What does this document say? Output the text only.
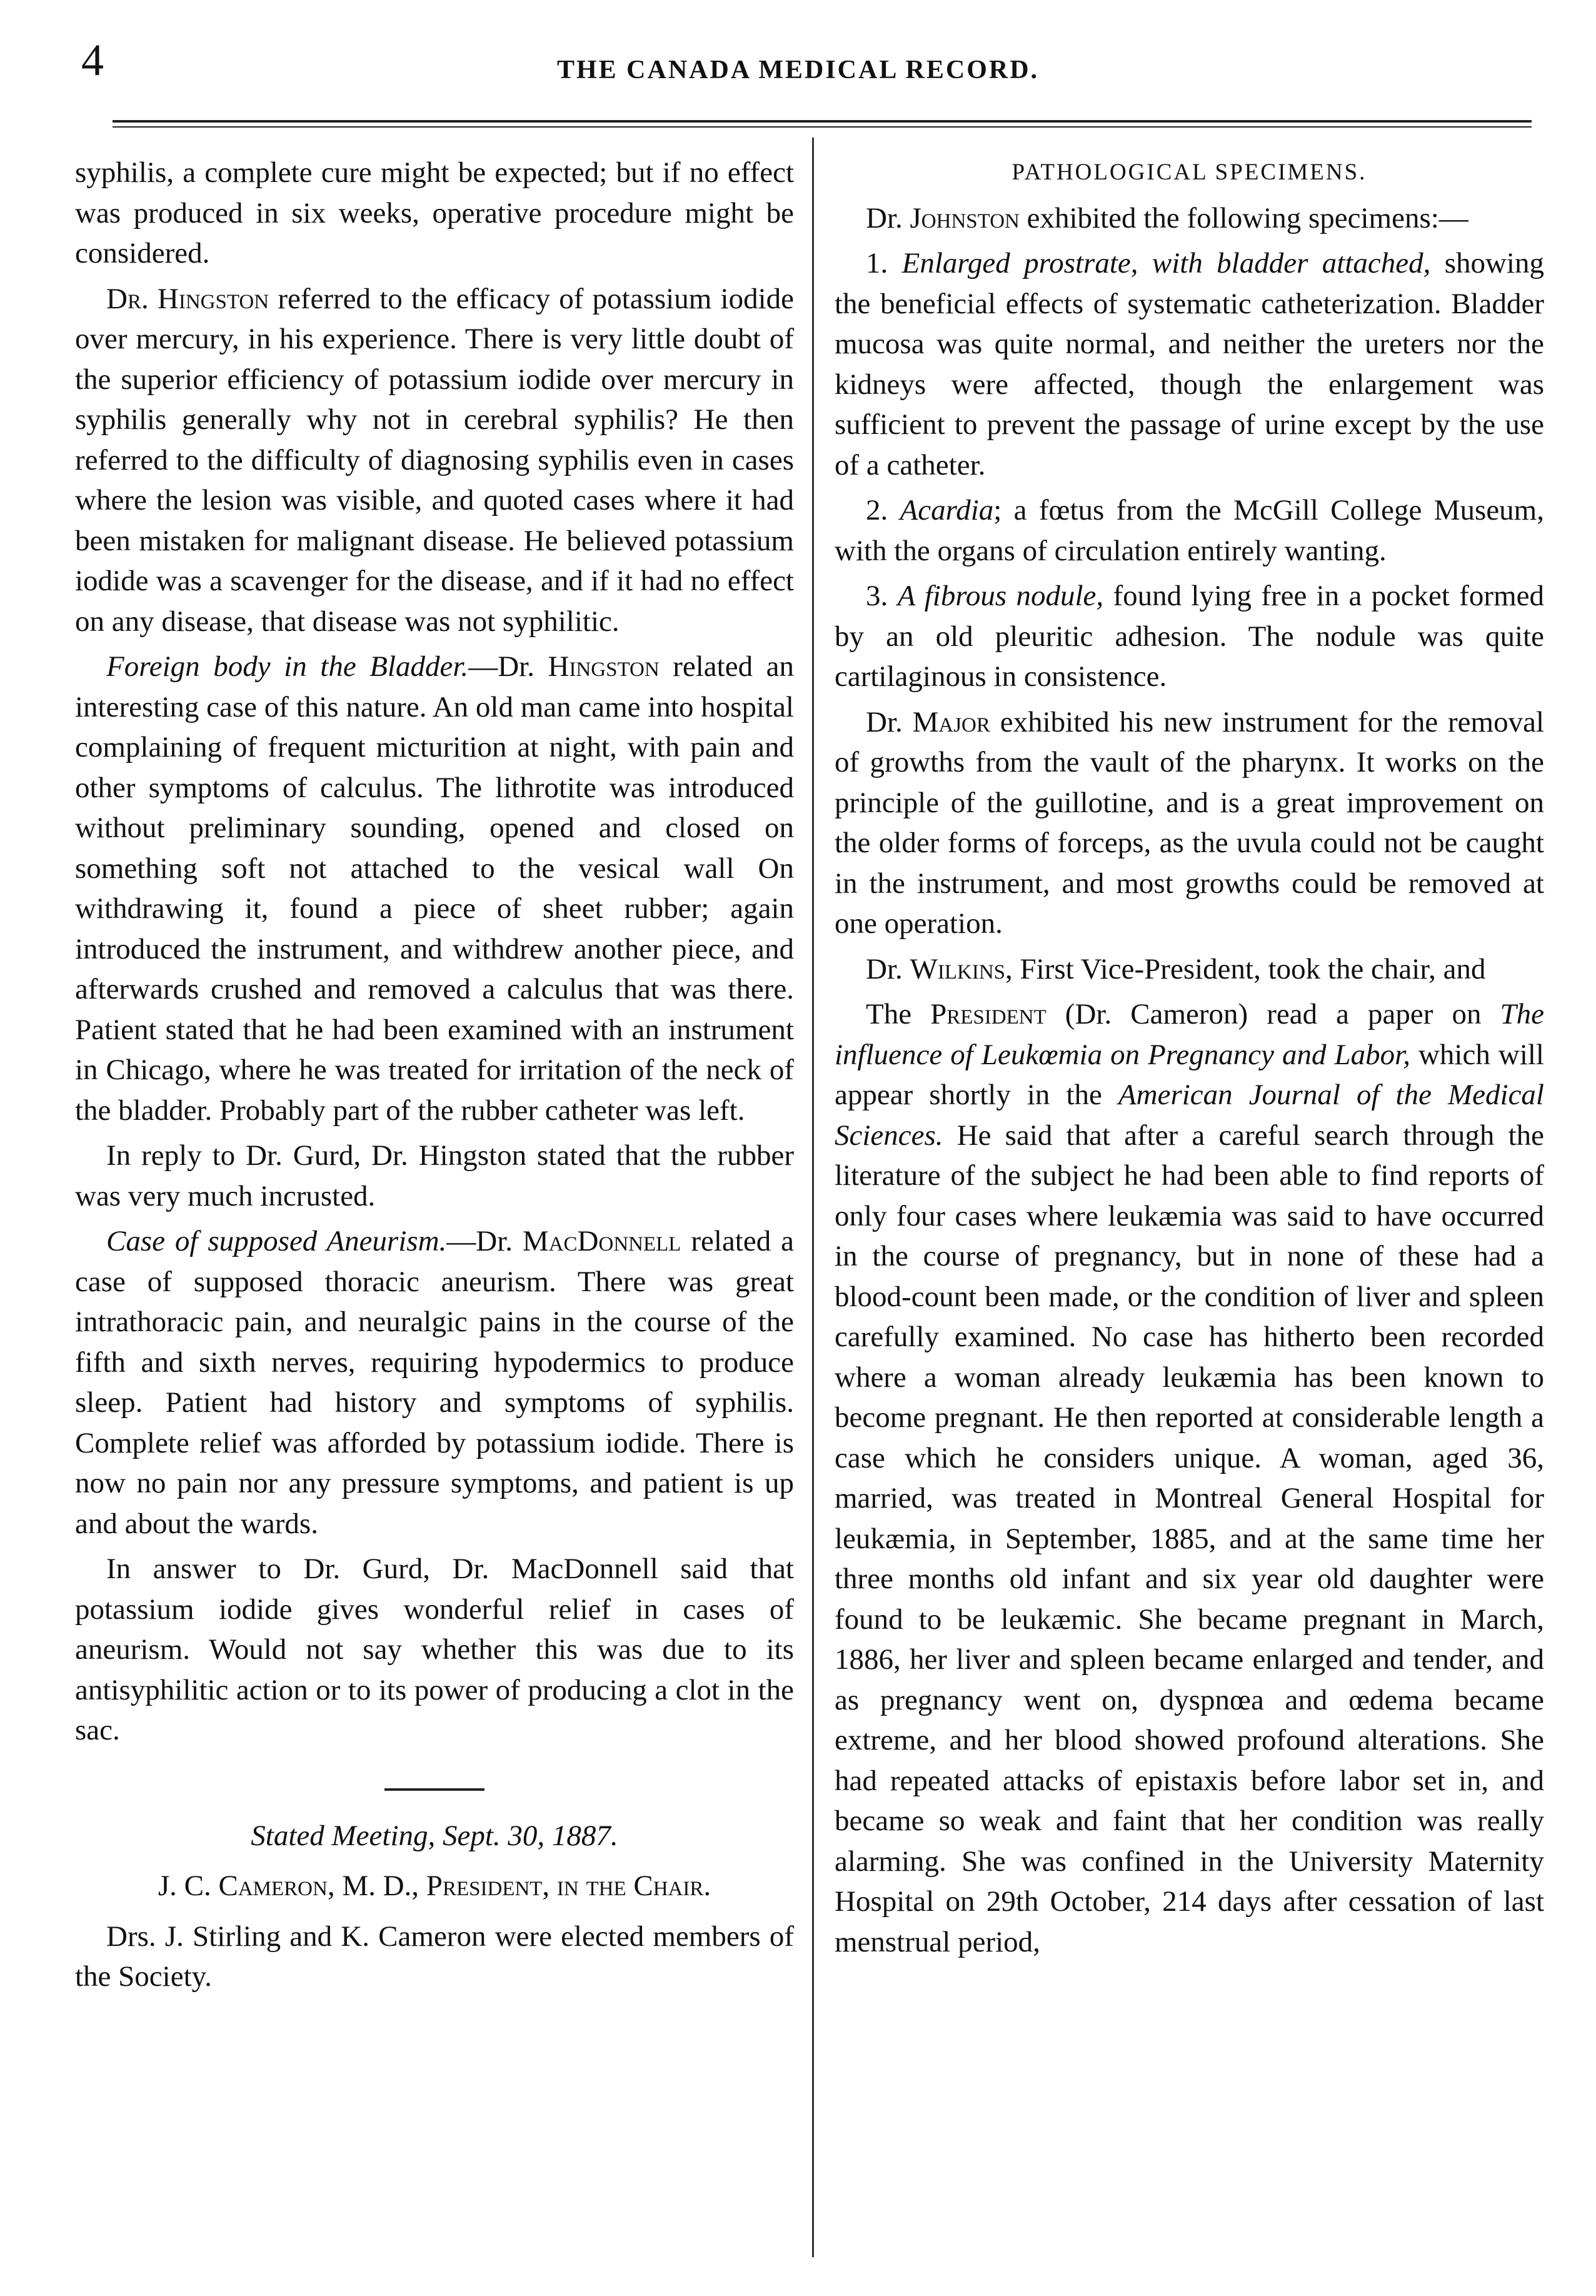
4	THE CANADA MEDICAL RECORD.

syphilis, a complete cure might be expected; but if no effect was produced in six weeks, operative procedure might be considered.

Dr. Hingston referred to the efficacy of potassium iodide over mercury, in his experience. There is very little doubt of the superior efficiency of potassium iodide over mercury in syphilis generally why not in cerebral syphilis? He then referred to the difficulty of diagnosing syphilis even in cases where the lesion was visible, and quoted cases where it had been mistaken for malignant disease. He believed potassium iodide was a scavenger for the disease, and if it had no effect on any disease, that disease was not syphilitic.

Foreign body in the Bladder.—Dr. Hingston related an interesting case of this nature. An old man came into hospital complaining of frequent micturition at night, with pain and other symptoms of calculus. The lithrotite was introduced without preliminary sounding, opened and closed on something soft not attached to the vesical wall On withdrawing it, found a piece of sheet rubber; again introduced the instrument, and withdrew another piece, and afterwards crushed and removed a calculus that was there. Patient stated that he had been examined with an instrument in Chicago, where he was treated for irritation of the neck of the bladder. Probably part of the rubber catheter was left.

In reply to Dr. Gurd, Dr. Hingston stated that the rubber was very much incrusted.

Case of supposed Aneurism.—Dr. MacDonnell related a case of supposed thoracic aneurism. There was great intrathoracic pain, and neuralgic pains in the course of the fifth and sixth nerves, requiring hypodermics to produce sleep. Patient had history and symptoms of syphilis. Complete relief was afforded by potassium iodide. There is now no pain nor any pressure symptoms, and patient is up and about the wards.

In answer to Dr. Gurd, Dr. MacDonnell said that potassium iodide gives wonderful relief in cases of aneurism. Would not say whether this was due to its antisyphilitic action or to its power of producing a clot in the sac.

Stated Meeting, Sept. 30, 1887.

J. C. Cameron, M. D., President, in the Chair.

Drs. J. Stirling and K. Cameron were elected members of the Society.

PATHOLOGICAL SPECIMENS.

Dr. Johnston exhibited the following specimens:—

1. Enlarged prostrate, with bladder attached, showing the beneficial effects of systematic catheterization. Bladder mucosa was quite normal, and neither the ureters nor the kidneys were affected, though the enlargement was sufficient to prevent the passage of urine except by the use of a catheter.

2. Acardia; a fœtus from the McGill College Museum, with the organs of circulation entirely wanting.

3. A fibrous nodule, found lying free in a pocket formed by an old pleuritic adhesion. The nodule was quite cartilaginous in consistence.

Dr. Major exhibited his new instrument for the removal of growths from the vault of the pharynx. It works on the principle of the guillotine, and is a great improvement on the older forms of forceps, as the uvula could not be caught in the instrument, and most growths could be removed at one operation.

Dr. Wilkins, First Vice-President, took the chair, and

The President (Dr. Cameron) read a paper on The influence of Leukœmia on Pregnancy and Labor, which will appear shortly in the American Journal of the Medical Sciences. He said that after a careful search through the literature of the subject he had been able to find reports of only four cases where leukæmia was said to have occurred in the course of pregnancy, but in none of these had a blood-count been made, or the condition of liver and spleen carefully examined. No case has hitherto been recorded where a woman already leukæmia has been known to become pregnant. He then reported at considerable length a case which he considers unique. A woman, aged 36, married, was treated in Montreal General Hospital for leukæmia, in September, 1885, and at the same time her three months old infant and six year old daughter were found to be leukæmic. She became pregnant in March, 1886, her liver and spleen became enlarged and tender, and as pregnancy went on, dyspnœa and œdema became extreme, and her blood showed profound alterations. She had repeated attacks of epistaxis before labor set in, and became so weak and faint that her condition was really alarming. She was confined in the University Maternity Hospital on 29th October, 214 days after cessation of last menstrual period,
